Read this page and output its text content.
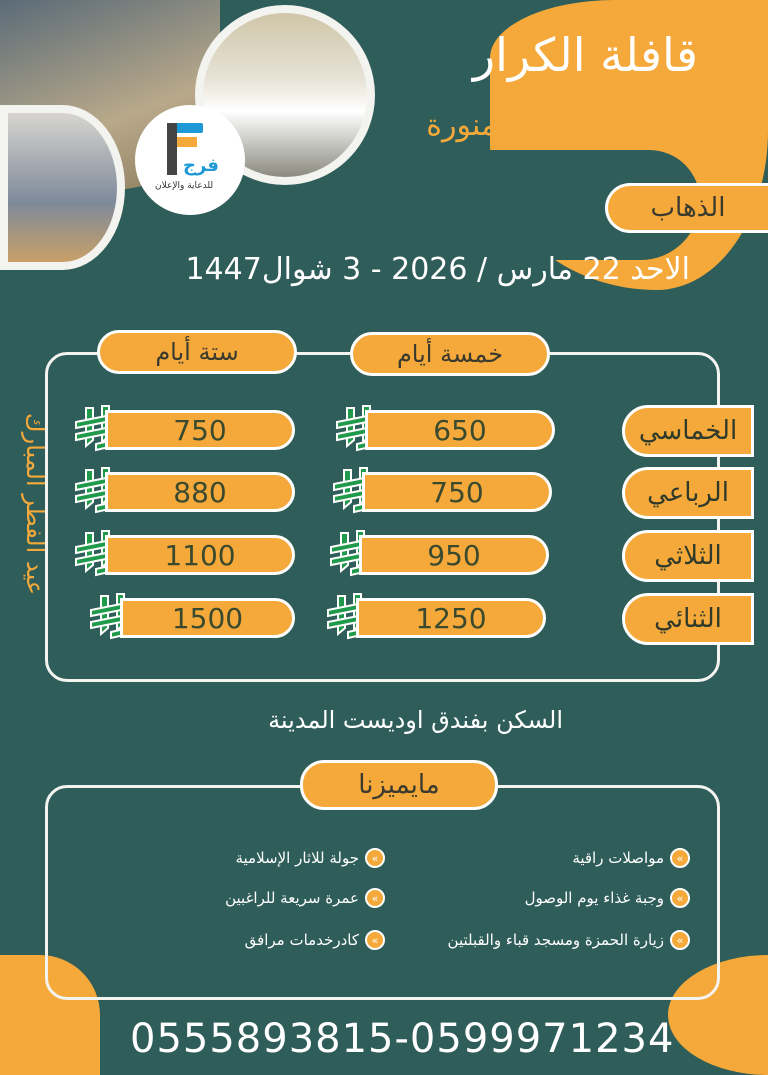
فرج
للدعاية والإعلان
قافلة الكرار
رحلة المدينة المنورة
الذهاب
الاحد 22 مارس / 2026 - 3 شوال1447
خمسة أيام
ستة أيام
عيد الفطر المبارك	الخماسي
650
750
الرباعي
750
880
الثلاثي
950
1100
الثنائي
1250
1500
السكن بفندق اوديست المدينة
مايميزنا
»
مواصلات راقية
»
وجبة غذاء يوم الوصول
»
زيارة الحمزة ومسجد قباء والقبلتين
»
جولة للاثار الإسلامية
»
عمرة سريعة للراغبين
»
كادرخدمات مرافق
0555893815-0599971234
